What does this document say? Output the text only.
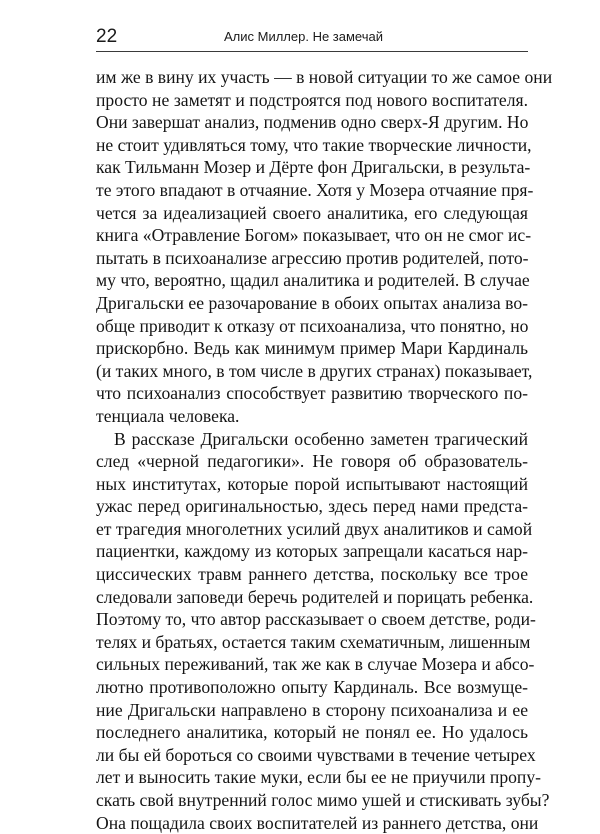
22	Алис Миллер. Не замечай
им же в вину их участь — в новой ситуации то же самое они
просто не заметят и подстроятся под нового воспитателя.
Они завершат анализ, подменив одно сверх-Я другим. Но
не стоит удивляться тому, что такие творческие личности,
как Тильманн Мозер и Дёрте фон Дригальски, в результа-
те этого впадают в отчаяние. Хотя у Мозера отчаяние пря-
чется за идеализацией своего аналитика, его следующая
книга «Отравление Богом» показывает, что он не смог ис-
пытать в психоанализе агрессию против родителей, пото-
му что, вероятно, щадил аналитика и родителей. В случае
Дригальски ее разочарование в обоих опытах анализа во-
обще приводит к отказу от психоанализа, что понятно, но
прискорбно. Ведь как минимум пример Мари Кардиналь
(и таких много, в том числе в других странах) показывает,
что психоанализ способствует развитию творческого по-
тенциала человека.
В рассказе Дригальски особенно заметен трагический
след «черной педагогики». Не говоря об образователь-
ных институтах, которые порой испытывают настоящий
ужас перед оригинальностью, здесь перед нами предста-
ет трагедия многолетних усилий двух аналитиков и самой
пациентки, каждому из которых запрещали касаться нар-
циссических травм раннего детства, поскольку все трое
следовали заповеди беречь родителей и порицать ребенка.
Поэтому то, что автор рассказывает о своем детстве, роди-
телях и братьях, остается таким схематичным, лишенным
сильных переживаний, так же как в случае Мозера и абсо-
лютно противоположно опыту Кардиналь. Все возмуще-
ние Дригальски направлено в сторону психоанализа и ее
последнего аналитика, который не понял ее. Но удалось
ли бы ей бороться со своими чувствами в течение четырех
лет и выносить такие муки, если бы ее не приучили пропу-
скать свой внутренний голос мимо ушей и стискивать зубы?
Она пощадила своих воспитателей из раннего детства, они
